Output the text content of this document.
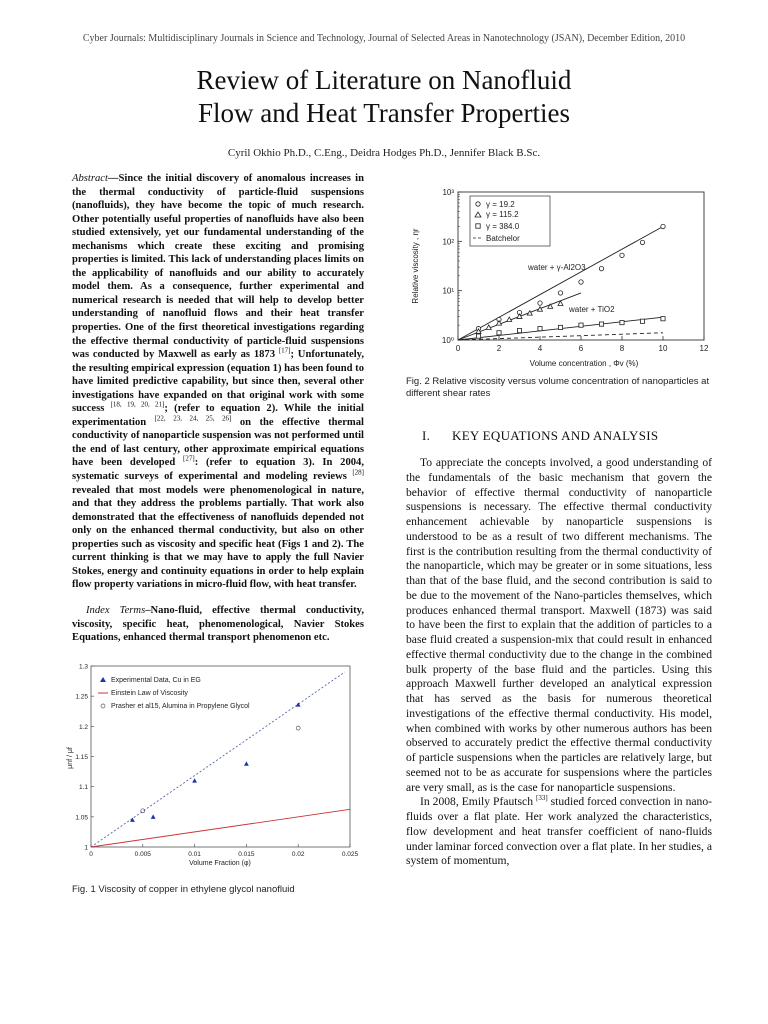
Cyber Journals: Multidisciplinary Journals in Science and Technology, Journal of Selected Areas in Nanotechnology (JSAN), December Edition, 2010
Review of Literature on Nanofluid
Flow and Heat Transfer Properties
Cyril Okhio Ph.D., C.Eng., Deidra Hodges Ph.D., Jennifer Black B.Sc.
Abstract—Since the initial discovery of anomalous increases in the thermal conductivity of particle-fluid suspensions (nanofluids), they have become the topic of much research. Other potentially useful properties of nanofluids have also been studied extensively, yet our fundamental understanding of the mechanisms which create these exciting and promising properties is limited. This lack of understanding places limits on the applicability of nanofluids and our ability to accurately model them. As a consequence, further experimental and numerical research is needed that will help to develop better understanding of nanofluid flows and their heat transfer properties. One of the first theoretical investigations regarding the effective thermal conductivity of particle-fluid suspensions was conducted by Maxwell as early as 1873 [17]; Unfortunately, the resulting empirical expression (equation 1) has been found to have limited predictive capability, but since then, several other investigations have expanded on that original work with some success [18, 19, 20, 21]; (refer to equation 2). While the initial experimentation [22, 23, 24, 25, 26] on the effective thermal conductivity of nanoparticle suspension was not performed until the end of last century, other approximate empirical equations have been developed [27]: (refer to equation 3). In 2004, systematic surveys of experimental and modeling reviews [28] revealed that most models were phenomenological in nature, and that they address the problems partially. That work also demonstrated that the effectiveness of nanofluids depended not only on the enhanced thermal conductivity, but also on other properties such as viscosity and specific heat (Figs 1 and 2). The current thinking is that we may have to apply the full Navier Stokes, energy and continuity equations in order to help explain flow property variations in micro-fluid flow, with heat transfer.
Index Terms–Nano-fluid, effective thermal conductivity, viscosity, specific heat, phenomenological, Navier Stokes Equations, enhanced thermal transport phenomenon etc.
0	0.005	0.01	0.015	0.02	0.025
1
1.05
1.1
1.15
1.2
1.25
1.3
Experimental Data, Cu in EG
Einstein Law of Viscosity
Prasher et al15, Alumina in Propylene Glycol
Volume Fraction (φ)
μnf / μf
Fig. 1 Viscosity of copper in ethylene glycol nanofluid
0	2	4	6	8	10	12
10⁰
10¹
10²
10³
γ = 19.2
γ = 115.2
γ = 384.0
Batchelor
water + γ-Al2O3
water + TiO2
Volume concentration , Φv (%)
Relative viscosity , ηr
Fig. 2 Relative viscosity versus volume concentration of nanoparticles at different shear rates
I. KEY EQUATIONS AND ANALYSIS

To appreciate the concepts involved, a good understanding of the fundamentals of the basic mechanism that govern the behavior of effective thermal conductivity of nanoparticle suspensions is necessary. The effective thermal conductivity enhancement achievable by nanoparticle suspensions is understood to be as a result of two different mechanisms. The first is the contribution resulting from the thermal conductivity of the nanoparticle, which may be greater or in some situations, less than that of the base fluid, and the second contribution is said to be due to the movement of the Nano-particles themselves, which produces enhanced thermal transport. Maxwell (1873) was said to have been the first to explain that the addition of particles to a base fluid created a suspension-mix that could result in enhanced effective thermal conductivity due to the change in the combined bulk property of the base fluid and the particles. Using this approach Maxwell further developed an analytical expression that has served as the basis for numerous theoretical investigations of the effective thermal conductivity. His model, when combined with works by other numerous authors has been observed to accurately predict the effective thermal conductivity of particle suspensions when the particles are relatively large, but seemed not to be as accurate for suspensions where the particles are very small, as is the case for nanoparticle suspensions.

In 2008, Emily Pfautsch [33] studied forced convection in nano-fluids over a flat plate. Her work analyzed the characteristics, flow development and heat transfer coefficient of nano-fluids under laminar forced convection over a flat plate. In her studies, a system of momentum,
